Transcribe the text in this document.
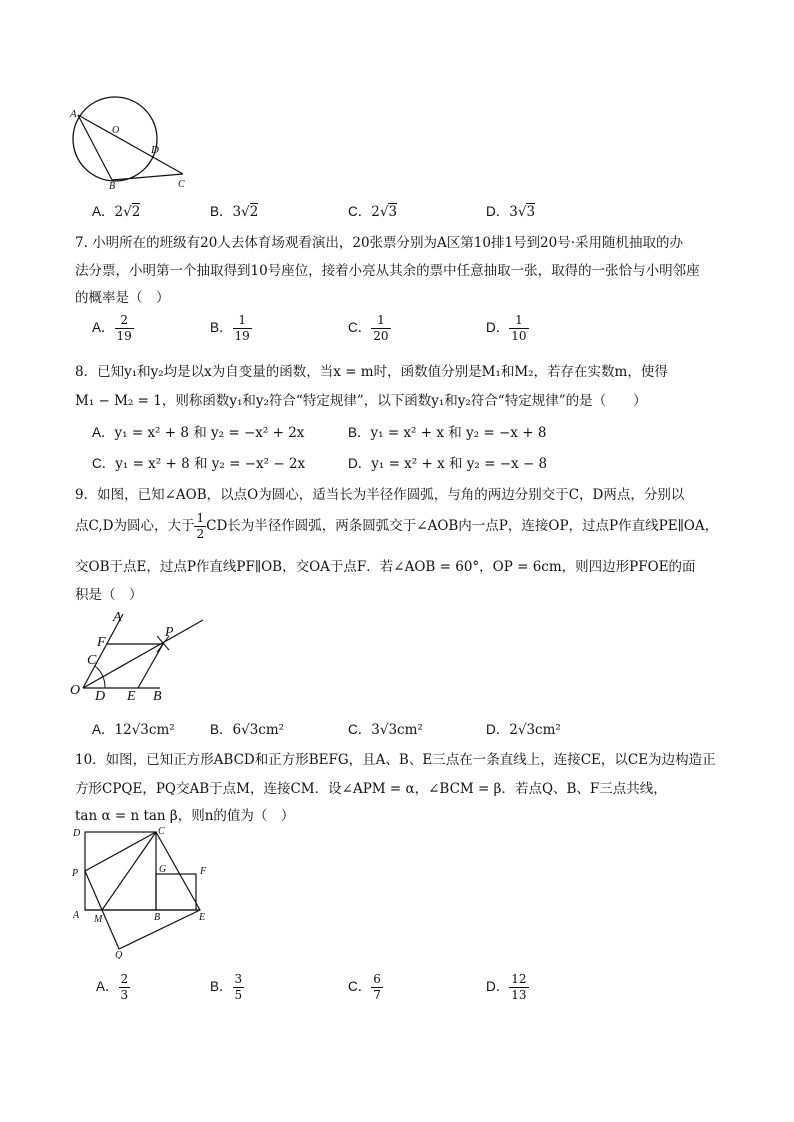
A
O
D
B	C
A．2√2	B．3√2	C．2√3	D．3√3
7. 小明所在的班级有20人去体育场观看演出，20张票分别为A区第10排1号到20号·采用随机抽取的办
法分票，小明第一个抽取得到10号座位，接着小亮从其余的票中任意抽取一张，取得的一张恰与小明邻座
的概率是（　）
A． $\frac{2}{19}$	B． $\frac{1}{19}$	C． $\frac{1}{20}$	D． $\frac{1}{10}$
8．已知y₁和y₂均是以x为自变量的函数，当x = m时，函数值分别是M₁和M₂，若存在实数m，使得
M₁ − M₂ = 1，则称函数y₁和y₂符合“特定规律”，以下函数y₁和y₂符合“特定规律”的是（　　）
A．y₁ = x² + 8 和 y₂ = −x² + 2x	B．y₁ = x² + x 和 y₂ = −x + 8
C．y₁ = x² + 8 和 y₂ = −x² − 2x	D．y₁ = x² + x 和 y₂ = −x − 8
9．如图，已知∠AOB，以点O为圆心，适当长为半径作圆弧，与角的两边分别交于C，D两点，分别以
点C,D为圆心，大于 $\frac{1}{2}$ CD长为半径作圆弧，两条圆弧交于∠AOB内一点P，连接OP，过点P作直线PE∥OA，
交OB于点E，过点P作直线PF∥OB，交OA于点F．若∠AOB = 60°，OP = 6cm，则四边形PFOE的面
积是（　）
A
P
F
C
O D E B
A．12√3cm²	B．6√3cm²	C．3√3cm²	D．2√3cm²
10．如图，已知正方形ABCD和正方形BEFG，且A、B、E三点在一条直线上，连接CE，以CE为边构造正
方形CPQE，PQ交AB于点M，连接CM．设∠APM = α，∠BCM = β．若点Q、B、F三点共线，
tan α = n tan β，则n的值为（　）
D	C
G	F
P
A M	B	E
Q
A． $\frac{2}{3}$	B． $\frac{3}{5}$	C． $\frac{6}{7}$	D． $\frac{12}{13}$
